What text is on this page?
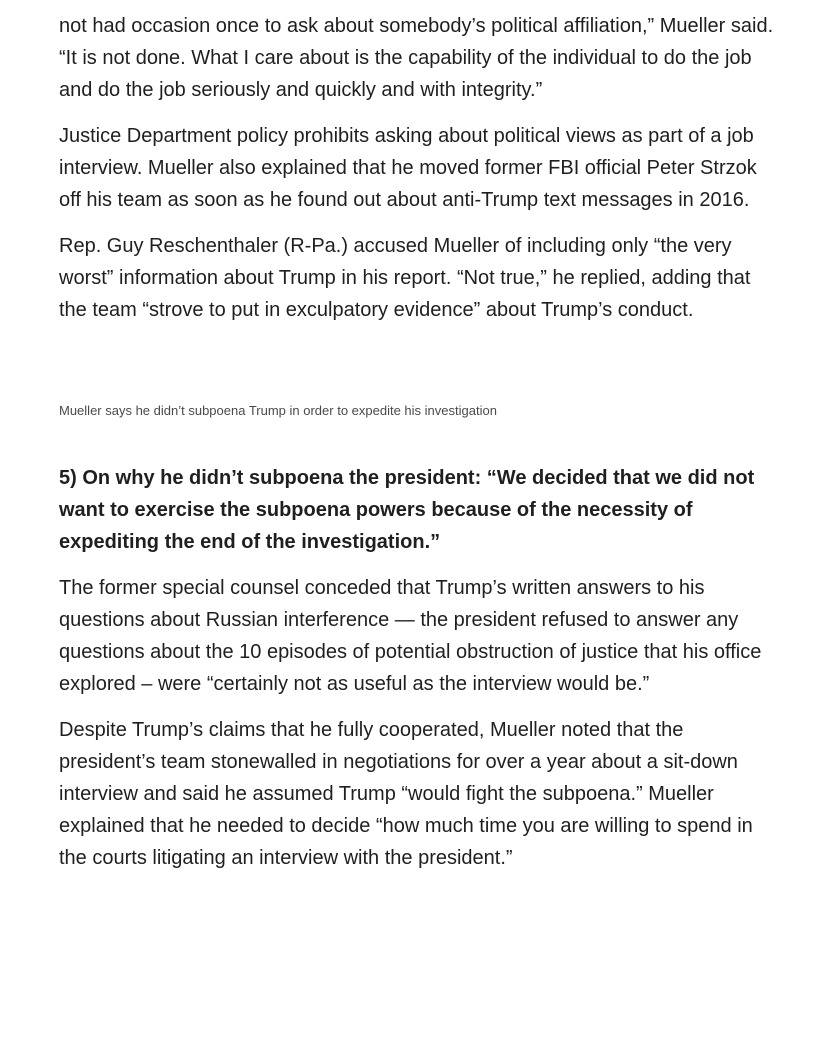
not had occasion once to ask about somebody’s political affiliation,” Mueller said. “It is not done. What I care about is the capability of the individual to do the job and do the job seriously and quickly and with integrity.”

Justice Department policy prohibits asking about political views as part of a job interview. Mueller also explained that he moved former FBI official Peter Strzok off his team as soon as he found out about anti-Trump text messages in 2016.

Rep. Guy Reschenthaler (R-Pa.) accused Mueller of including only “the very worst” information about Trump in his report. “Not true,” he replied, adding that the team “strove to put in exculpatory evidence” about Trump’s conduct.

Mueller says he didn’t subpoena Trump in order to expedite his investigation

5) On why he didn’t subpoena the president: “We decided that we did not want to exercise the subpoena powers because of the necessity of expediting the end of the investigation.”

The former special counsel conceded that Trump’s written answers to his questions about Russian interference — the president refused to answer any questions about the 10 episodes of potential obstruction of justice that his office explored – were “certainly not as useful as the interview would be.”

Despite Trump’s claims that he fully cooperated, Mueller noted that the president’s team stonewalled in negotiations for over a year about a sit-down interview and said he assumed Trump “would fight the subpoena.” Mueller explained that he needed to decide “how much time you are willing to spend in the courts litigating an interview with the president.”
